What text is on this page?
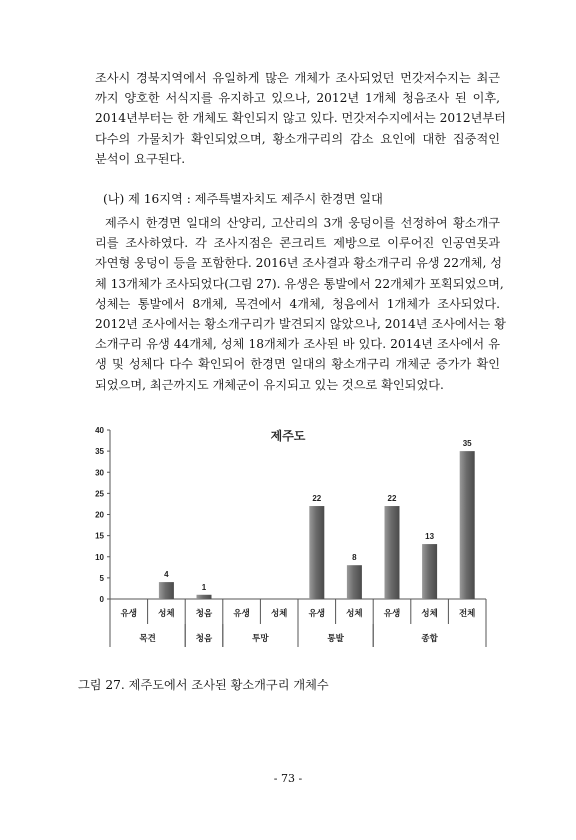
조사시 경북지역에서 유일하게 많은 개체가 조사되었던 먼갓저수지는 최근
까지 양호한 서식지를 유지하고 있으나, 2012년 1개체 청음조사 된 이후,
2014년부터는 한 개체도 확인되지 않고 있다. 먼갓저수지에서는 2012년부터
다수의 가물치가 확인되었으며, 황소개구리의 감소 요인에 대한 집중적인
분석이 요구된다.

(나) 제 16지역 : 제주특별자치도 제주시 한경면 일대

제주시 한경면 일대의 산양리, 고산리의 3개 웅덩이를 선정하여 황소개구
리를 조사하였다. 각 조사지점은 콘크리트 제방으로 이루어진 인공연못과
자연형 웅덩이 등을 포함한다. 2016년 조사결과 황소개구리 유생 22개체, 성
체 13개체가 조사되었다(그림 27). 유생은 통발에서 22개체가 포획되었으며,
성체는 통발에서 8개체, 목견에서 4개체, 청음에서 1개체가 조사되었다.
2012년 조사에서는 황소개구리가 발견되지 않았으나, 2014년 조사에서는 황
소개구리 유생 44개체, 성체 18개체가 조사된 바 있다. 2014년 조사에서 유
생 및 성체다 다수 확인되어 한경면 일대의 황소개구리 개체군 증가가 확인
되었으며, 최근까지도 개체군이 유지되고 있는 것으로 확인되었다.
0
5
10
15
20
25
30
35
40	제주도
유생
4
성체
1
청음 유생 성체
22
유생
8
성체
22
유생
13
성체
35
전체
목견	청음	투망	통발	종합

그림 27. 제주도에서 조사된 황소개구리 개체수

- 73 -
